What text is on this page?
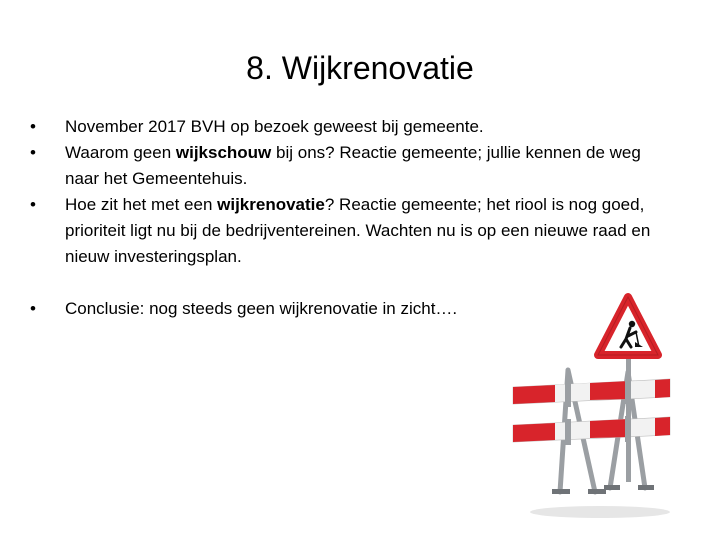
8. Wijkrenovatie
•	November 2017 BVH op bezoek geweest bij gemeente.
•	Waarom geen wijkschouw bij ons? Reactie gemeente; jullie kennen de weg naar het Gemeentehuis.
•	Hoe zit het met een wijkrenovatie? Reactie gemeente; het riool is nog goed, prioriteit ligt nu bij de bedrijventereinen. Wachten nu is op een nieuwe raad en nieuw investeringsplan.
•	Conclusie: nog steeds geen wijkrenovatie in zicht….
